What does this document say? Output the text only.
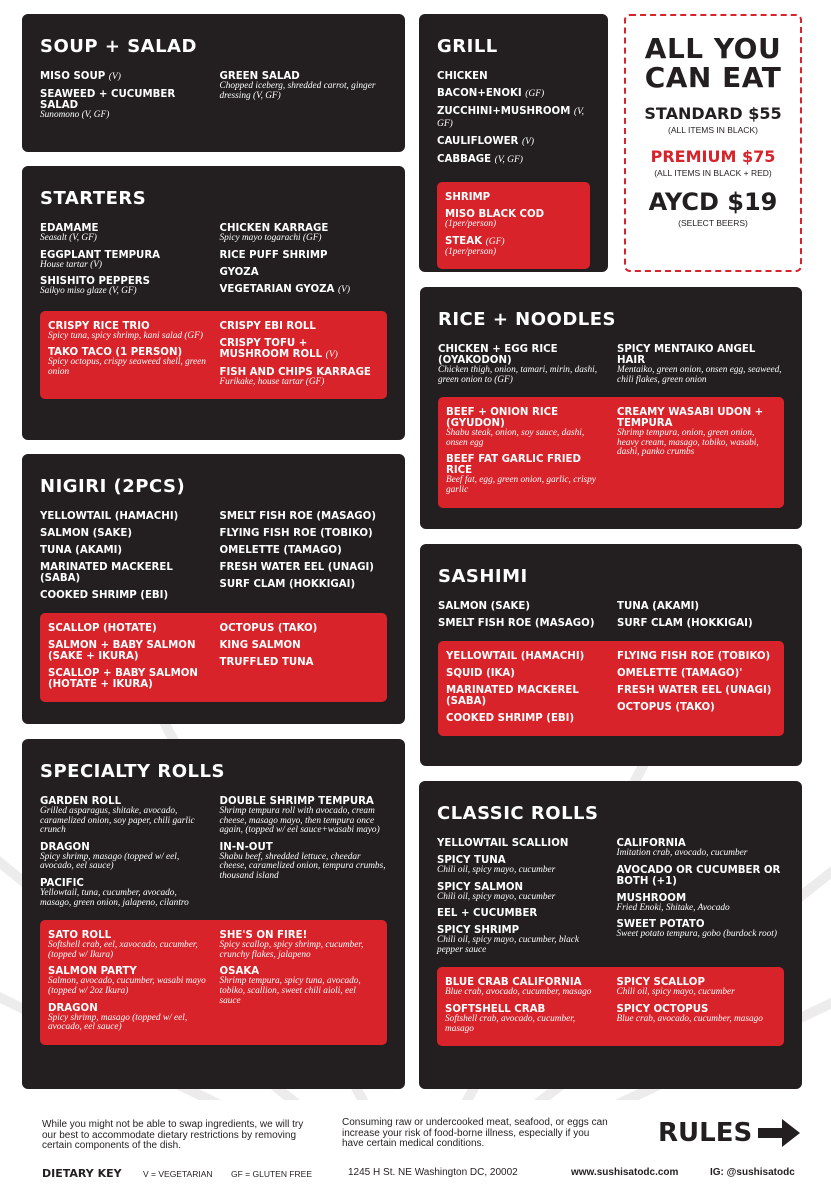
SOUP + SALAD
MISO SOUP (V)
SEAWEED + CUCUMBER SALAD
Sunomono (V, GF)
GREEN SALAD
Chopped iceberg, shredded carrot, ginger dressing (V, GF)
GRILL
CHICKEN
BACON+ENOKI (GF)
ZUCCHINI+MUSHROOM (V, GF)
CAULIFLOWER (V)
CABBAGE (V, GF)
SHRIMP
MISO BLACK COD
(1per/person)
STEAK (GF)
(1per/person)
ALL YOU
CAN EAT
STANDARD $55
(ALL ITEMS IN BLACK)
PREMIUM $75
(ALL ITEMS IN BLACK + RED)
AYCD $19
(SELECT BEERS)
STARTERS
EDAMAME
Seasalt (V, GF)
EGGPLANT TEMPURA
House tartar (V)
SHISHITO PEPPERS
Saikyo miso glaze (V, GF)
CHICKEN KARRAGE
Spicy mayo togarachi (GF)
RICE PUFF SHRIMP
GYOZA
VEGETARIAN GYOZA (V)
CRISPY RICE TRIO
Spicy tuna, spicy shrimp, kani salad (GF)
TAKO TACO (1 PERSON)
Spicy octopus, crispy seaweed shell, green onion
CRISPY EBI ROLL
CRISPY TOFU + MUSHROOM ROLL (V)
FISH AND CHIPS KARRAGE
Furikake, house tartar (GF)
RICE + NOODLES
CHICKEN + EGG RICE (OYAKODON)
Chicken thigh, onion, tamari, mirin, dashi, green onion to (GF)
SPICY MENTAIKO ANGEL HAIR
Mentaiko, green onion, onsen egg, seaweed, chili flakes, green onion
BEEF + ONION RICE (GYUDON)
Shabu steak, onion, soy sauce, dashi, onsen egg
BEEF FAT GARLIC FRIED RICE
Beef fat, egg, green onion, garlic, crispy garlic
CREAMY WASABI UDON + TEMPURA
Shrimp tempura, onion, green onion, heavy cream, masago, tobiko, wasabi, dashi, panko crumbs
NIGIRI (2PCS)
YELLOWTAIL (HAMACHI)
SALMON (SAKE)
TUNA (AKAMI)
MARINATED MACKEREL (SABA)
COOKED SHRIMP (EBI)
SMELT FISH ROE (MASAGO)
FLYING FISH ROE (TOBIKO)
OMELETTE (TAMAGO)
FRESH WATER EEL (UNAGI)
SURF CLAM (HOKKIGAI)
SCALLOP (HOTATE)
SALMON + BABY SALMON (SAKE + IKURA)
SCALLOP + BABY SALMON (HOTATE + IKURA)
OCTOPUS (TAKO)
KING SALMON
TRUFFLED TUNA
SASHIMI
SALMON (SAKE)
SMELT FISH ROE (MASAGO)
TUNA (AKAMI)
SURF CLAM (HOKKIGAI)
YELLOWTAIL (HAMACHI)
SQUID (IKA)
MARINATED MACKEREL (SABA)
COOKED SHRIMP (EBI)
FLYING FISH ROE (TOBIKO)
OMELETTE (TAMAGO)'
FRESH WATER EEL (UNAGI)
OCTOPUS (TAKO)
SPECIALTY ROLLS
GARDEN ROLL
Grilled asparagus, shitake, avocado, caramelized onion, soy paper, chili garlic crunch
DRAGON
Spicy shrimp, masago (topped w/ eel, avocado, eel sauce)
PACIFIC
Yellowtail, tuna, cucumber, avocado, masago, green onion, jalapeno, cilantro
DOUBLE SHRIMP TEMPURA
Shrimp tempura roll with avocado, cream cheese, masago mayo, then tempura once again, (topped w/ eel sauce+wasabi mayo)
IN-N-OUT
Shabu beef, shredded lettuce, cheedar cheese, caramelized onion, tempura crumbs, thousand island
SATO ROLL
Softshell crab, eel, xavocado, cucumber, (topped w/ Ikura)
SALMON PARTY
Salmon, avocado, cucumber, wasabi mayo (topped w/ 2oz Ikura)
DRAGON
Spicy shrimp, masago (topped w/ eel, avocado, eel sauce)
SHE'S ON FIRE!
Spicy scallop, spicy shrimp, cucumber, crunchy flakes, jalapeno
OSAKA
Shrimp tempura, spicy tuna, avocado, tobiko, scallion, sweet chili aioli, eel sauce
CLASSIC ROLLS
YELLOWTAIL SCALLION
SPICY TUNA
Chili oil, spicy mayo, cucumber
SPICY SALMON
Chili oil, spicy mayo, cucumber
EEL + CUCUMBER
SPICY SHRIMP
Chili oil, spicy mayo, cucumber, black pepper sauce
CALIFORNIA
Imitation crab, avocado, cucumber
AVOCADO OR CUCUMBER OR BOTH (+1)
MUSHROOM
Fried Enoki, Shitake, Avocado
SWEET POTATO
Sweet potato tempura, gobo (burdock root)
BLUE CRAB CALIFORNIA
Blue crab, avocado, cucumber, masago
SOFTSHELL CRAB
Softshell crab, avocado, cucumber, masago
SPICY SCALLOP
Chili oil, spicy mayo, cucumber
SPICY OCTOPUS
Blue crab, avocado, cucumber, masago

While you might not be able to swap ingredients, we will try our best to accommodate dietary restrictions by removing certain components of the dish.

Consuming raw or undercooked meat, seafood, or eggs can increase your risk of food-borne illness, especially if you have certain medical conditions.	RULES
DIETARY KEY	V = VEGETARIAN GF = GLUTEN FREE	1245 H St. NE Washington DC, 20002	www.sushisatodc.com	IG: @sushisatodc
